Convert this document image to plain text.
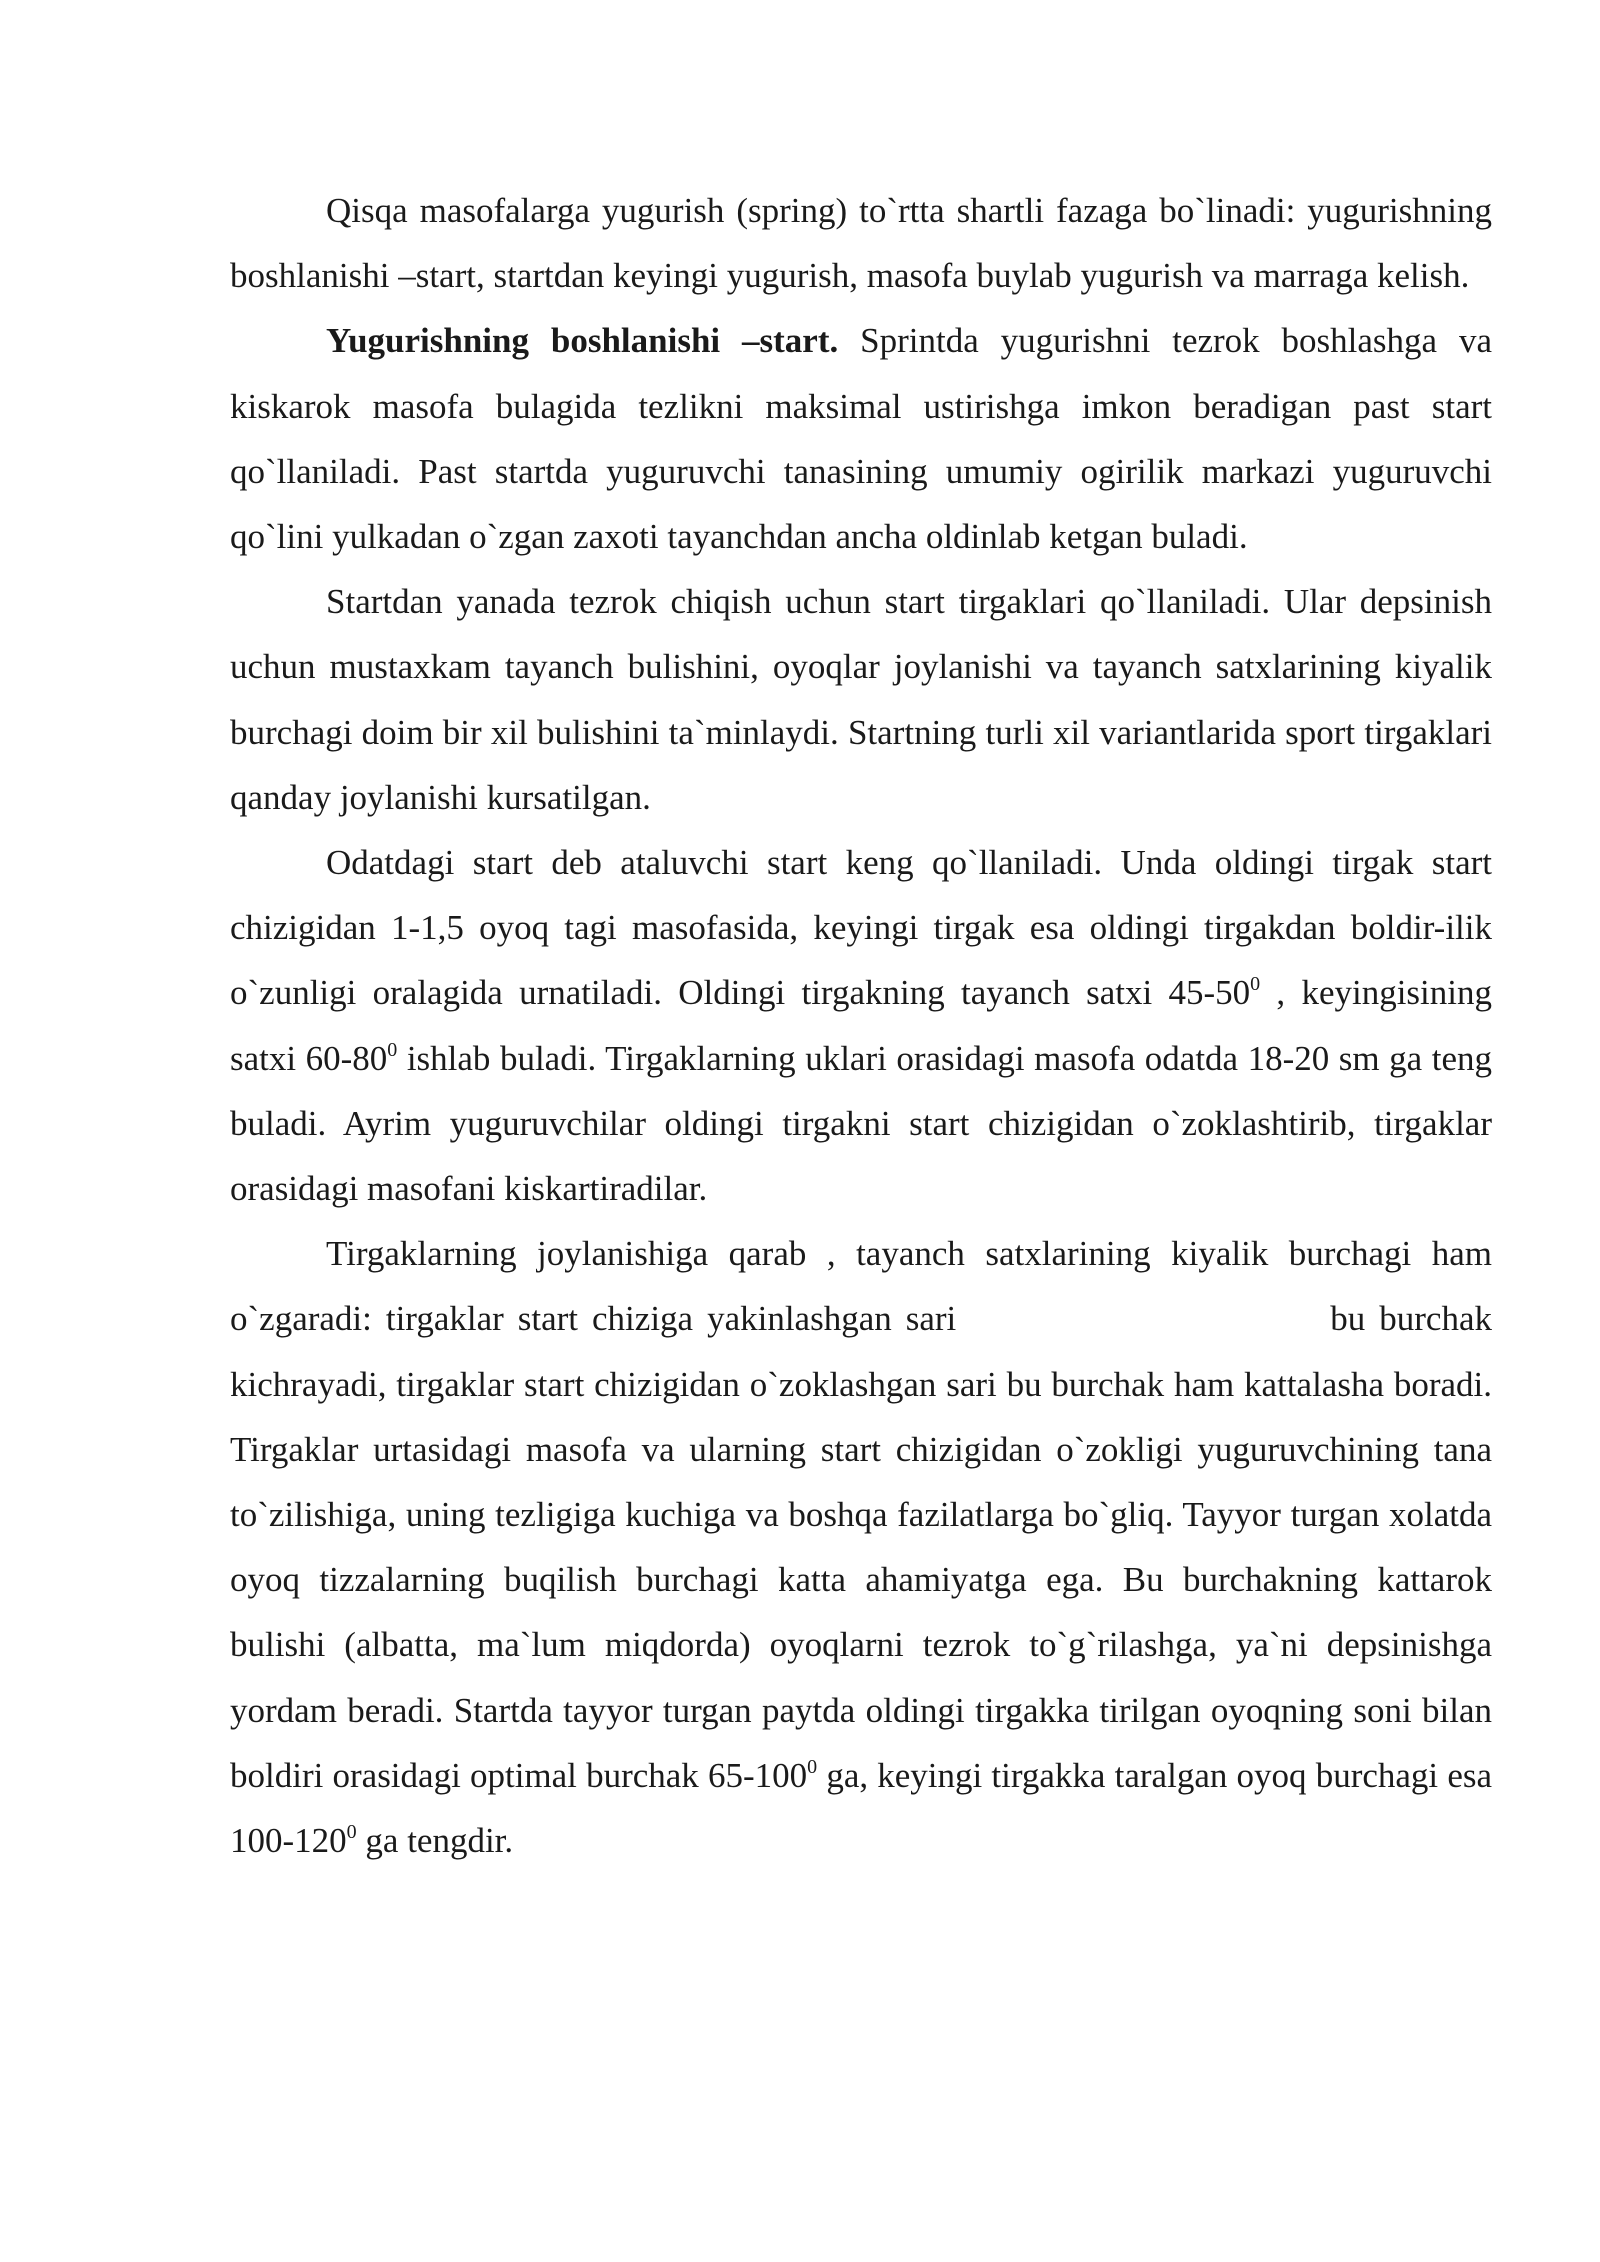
Qisqa masofalarga yugurish (spring) to`rtta shartli fazaga bo`linadi: yugurishning boshlanishi –start, startdan keyingi yugurish, masofa buylab yugurish va marraga kelish.

Yugurishning boshlanishi –start. Sprintda yugurishni tezrok boshlashga va kiskarok masofa bulagida tezlikni maksimal ustirishga imkon beradigan past start qo`llaniladi. Past startda yuguruvchi tanasining umumiy ogirilik markazi yuguruvchi qo`lini yulkadan o`zgan zaxoti tayanchdan ancha oldinlab ketgan buladi.

Startdan yanada tezrok chiqish uchun start tirgaklari qo`llaniladi. Ular depsinish uchun mustaxkam tayanch bulishini, oyoqlar joylanishi va tayanch satxlarining kiyalik burchagi doim bir xil bulishini ta`minlaydi. Startning turli xil variantlarida sport tirgaklari qanday joylanishi kursatilgan.

Odatdagi start deb ataluvchi start keng qo`llaniladi. Unda oldingi tirgak start chizigidan 1-1,5 oyoq tagi masofasida, keyingi tirgak esa oldingi tirgakdan boldir-ilik o`zunligi oralagida urnatiladi. Oldingi tirgakning tayanch satxi $45-50^0$ , keyingisining satxi $60-80^0$ ishlab buladi. Tirgaklarning uklari orasidagi masofa odatda 18-20 sm ga teng buladi. Ayrim yuguruvchilar oldingi tirgakni start chizigidan o`zoklashtirib, tirgaklar orasidagi masofani kiskartiradilar.

Tirgaklarning joylanishiga qarab , tayanch satxlarining kiyalik burchagi ham o`zgaradi: tirgaklar start chiziga yakinlashgan sari	bu burchak kichrayadi, tirgaklar start chizigidan o`zoklashgan sari bu burchak ham kattalasha boradi. Tirgaklar urtasidagi masofa va ularning start chizigidan o`zokligi yuguruvchining tana to`zilishiga, uning tezligiga kuchiga va boshqa fazilatlarga bo`gliq. Tayyor turgan xolatda oyoq tizzalarning buqilish burchagi katta ahamiyatga ega. Bu burchakning kattarok bulishi (albatta, ma`lum miqdorda) oyoqlarni tezrok to`g`rilashga, ya`ni depsinishga yordam beradi. Startda tayyor turgan paytda oldingi tirgakka tirilgan oyoqning soni bilan boldiri orasidagi optimal burchak $65-100^0$ ga, keyingi tirgakka taralgan oyoq burchagi esa $100-120^0$ ga tengdir.
